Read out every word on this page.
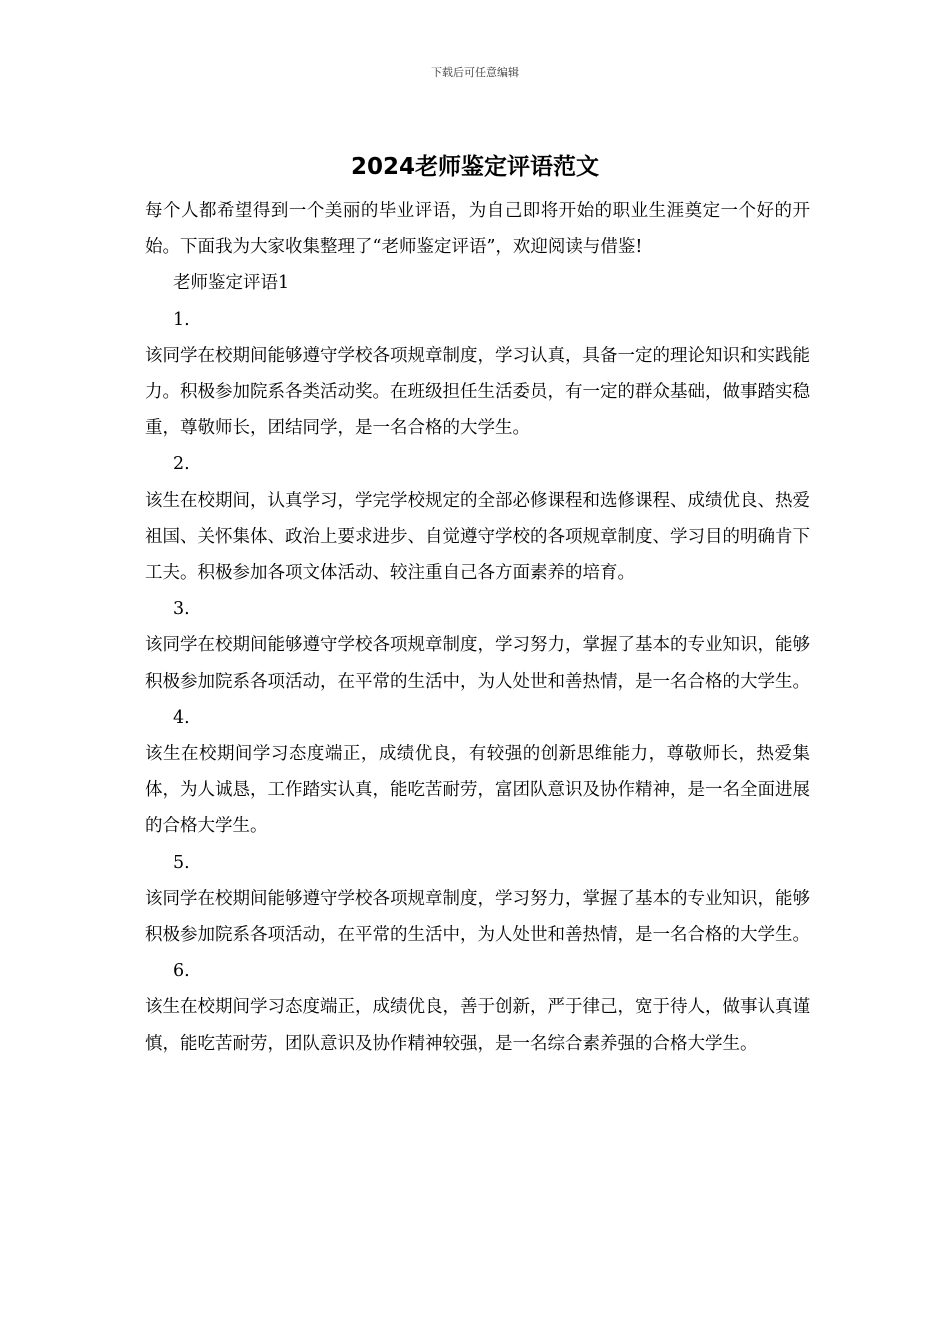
下载后可任意编辑
2024老师鉴定评语范文

每个人都希望得到一个美丽的毕业评语，为自己即将开始的职业生涯奠定一个好的开始。下面我为大家收集整理了“老师鉴定评语”，欢迎阅读与借鉴!

老师鉴定评语1

1.

该同学在校期间能够遵守学校各项规章制度，学习认真，具备一定的理论知识和实践能力。积极参加院系各类活动奖。在班级担任生活委员，有一定的群众基础，做事踏实稳重，尊敬师长，团结同学，是一名合格的大学生。

2.

该生在校期间，认真学习，学完学校规定的全部必修课程和选修课程、成绩优良、热爱祖国、关怀集体、政治上要求进步、自觉遵守学校的各项规章制度、学习目的明确肯下工夫。积极参加各项文体活动、较注重自己各方面素养的培育。

3.

该同学在校期间能够遵守学校各项规章制度，学习努力，掌握了基本的专业知识，能够积极参加院系各项活动，在平常的生活中，为人处世和善热情，是一名合格的大学生。

4.

该生在校期间学习态度端正，成绩优良，有较强的创新思维能力，尊敬师长，热爱集体，为人诚恳，工作踏实认真，能吃苦耐劳，富团队意识及协作精神，是一名全面进展的合格大学生。

5.

该同学在校期间能够遵守学校各项规章制度，学习努力，掌握了基本的专业知识，能够积极参加院系各项活动，在平常的生活中，为人处世和善热情，是一名合格的大学生。

6.

该生在校期间学习态度端正，成绩优良，善于创新，严于律己，宽于待人，做事认真谨慎，能吃苦耐劳，团队意识及协作精神较强，是一名综合素养强的合格大学生。
